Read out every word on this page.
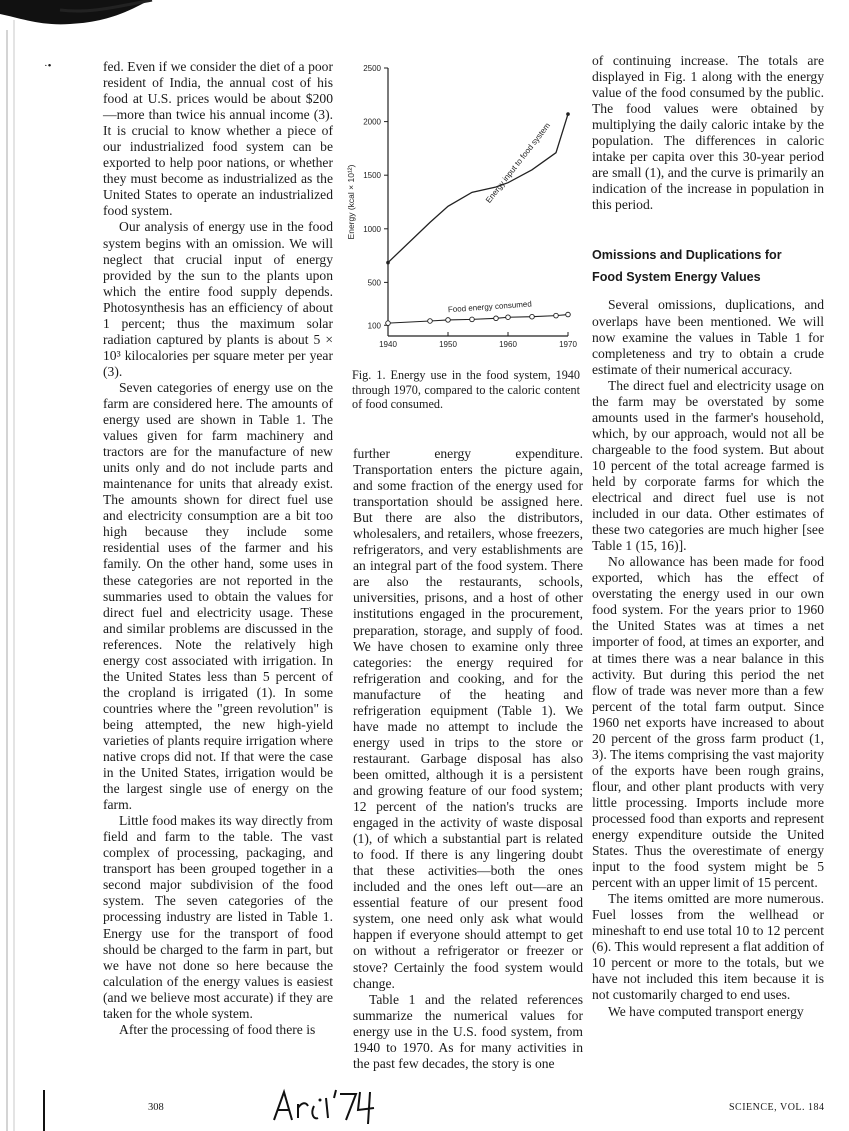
·•	fed. Even if we consider the diet of a poor resident of India, the annual cost of his food at U.S. prices would be about $200—more than twice his annual income (3). It is crucial to know whether a piece of our industrialized food system can be exported to help poor nations, or whether they must become as industrialized as the United States to operate an industrialized food system.

Our analysis of energy use in the food system begins with an omission. We will neglect that crucial input of energy provided by the sun to the plants upon which the entire food supply depends. Photosynthesis has an efficiency of about 1 percent; thus the maximum solar radiation captured by plants is about 5 × 10³ kilocalories per square meter per year (3).

Seven categories of energy use on the farm are considered here. The amounts of energy used are shown in Table 1. The values given for farm machinery and tractors are for the manufacture of new units only and do not include parts and maintenance for units that already exist. The amounts shown for direct fuel use and electricity consumption are a bit too high because they include some residential uses of the farmer and his family. On the other hand, some uses in these categories are not reported in the summaries used to obtain the values for direct fuel and electricity usage. These and similar problems are discussed in the references. Note the relatively high energy cost associated with irrigation. In the United States less than 5 percent of the cropland is irrigated (1). In some countries where the "green revolution" is being attempted, the new high-yield varieties of plants require irrigation where native crops did not. If that were the case in the United States, irrigation would be the largest single use of energy on the farm.

Little food makes its way directly from field and farm to the table. The vast complex of processing, packaging, and transport has been grouped together in a second major subdivision of the food system. The seven categories of the processing industry are listed in Table 1. Energy use for the transport of food should be charged to the farm in part, but we have not done so here because the calculation of the energy values is easiest (and we believe most accurate) if they are taken for the whole system.

After the processing of food there is

100
500
1000
1500
2000
2500
1940	1950	1960	1970
Energy (kcal × 10¹²)	Energy input to food system
Food energy consumed
Fig. 1. Energy use in the food system, 1940 through 1970, compared to the caloric content of food consumed.

further energy expenditure. Transportation enters the picture again, and some fraction of the energy used for transportation should be assigned here. But there are also the distributors, wholesalers, and retailers, whose freezers, refrigerators, and very establishments are an integral part of the food system. There are also the restaurants, schools, universities, prisons, and a host of other institutions engaged in the procurement, preparation, storage, and supply of food. We have chosen to examine only three categories: the energy required for refrigeration and cooking, and for the manufacture of the heating and refrigeration equipment (Table 1). We have made no attempt to include the energy used in trips to the store or restaurant. Garbage disposal has also been omitted, although it is a persistent and growing feature of our food system; 12 percent of the nation's trucks are engaged in the activity of waste disposal (1), of which a substantial part is related to food. If there is any lingering doubt that these activities—both the ones included and the ones left out—are an essential feature of our present food system, one need only ask what would happen if everyone should attempt to get on without a refrigerator or freezer or stove? Certainly the food system would change.

Table 1 and the related references summarize the numerical values for energy use in the U.S. food system, from 1940 to 1970. As for many activities in the past few decades, the story is one

of continuing increase. The totals are displayed in Fig. 1 along with the energy value of the food consumed by the public. The food values were obtained by multiplying the daily caloric intake by the population. The differences in caloric intake per capita over this 30-year period are small (1), and the curve is primarily an indication of the increase in population in this period.

Omissions and Duplications for
Food System Energy Values

Several omissions, duplications, and overlaps have been mentioned. We will now examine the values in Table 1 for completeness and try to obtain a crude estimate of their numerical accuracy.

The direct fuel and electricity usage on the farm may be overstated by some amounts used in the farmer's household, which, by our approach, would not all be chargeable to the food system. But about 10 percent of the total acreage farmed is held by corporate farms for which the electrical and direct fuel use is not included in our data. Other estimates of these two categories are much higher [see Table 1 (15, 16)].

No allowance has been made for food exported, which has the effect of overstating the energy used in our own food system. For the years prior to 1960 the United States was at times a net importer of food, at times an exporter, and at times there was a near balance in this activity. But during this period the net flow of trade was never more than a few percent of the total farm output. Since 1960 net exports have increased to about 20 percent of the gross farm product (1, 3). The items comprising the vast majority of the exports have been rough grains, flour, and other plant products with very little processing. Imports include more processed food than exports and represent energy expenditure outside the United States. Thus the overestimate of energy input to the food system might be 5 percent with an upper limit of 15 percent.

The items omitted are more numerous. Fuel losses from the wellhead or mineshaft to end use total 10 to 12 percent (6). This would represent a flat addition of 10 percent or more to the totals, but we have not included this item because it is not customarily charged to end uses.

We have computed transport energy

308	SCIENCE, VOL. 184
